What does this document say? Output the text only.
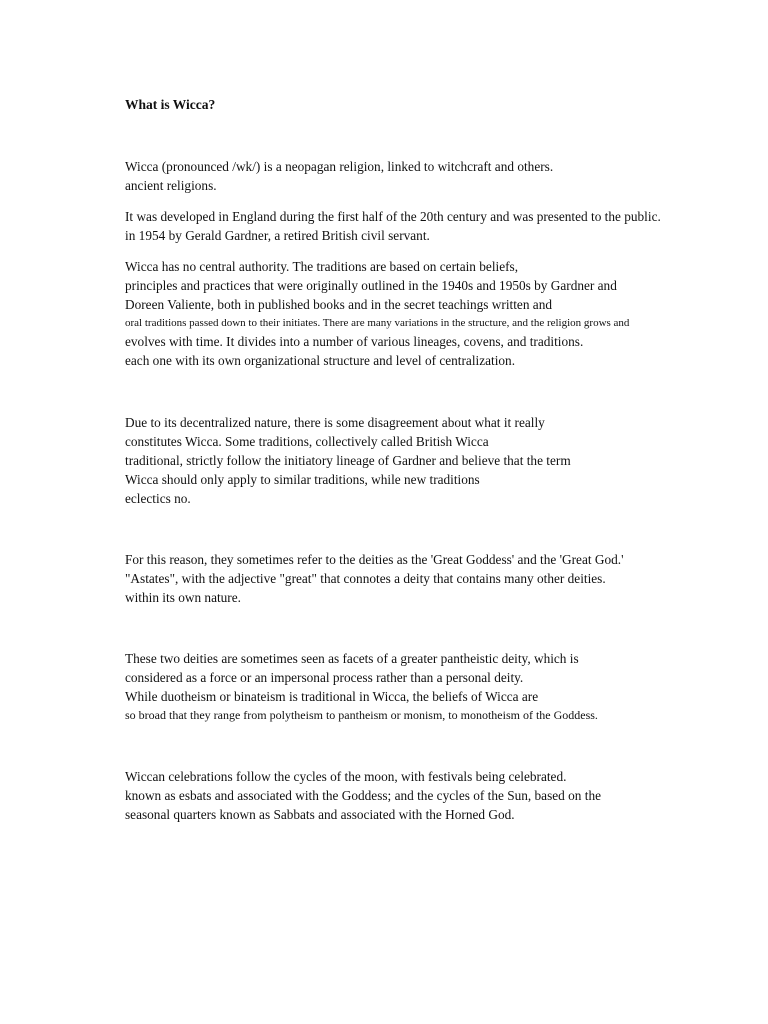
What is Wicca?
Wicca (pronounced /wk/) is a neopagan religion, linked to witchcraft and others.
ancient religions.
It was developed in England during the first half of the 20th century and was presented to the public.
in 1954 by Gerald Gardner, a retired British civil servant.
Wicca has no central authority. The traditions are based on certain beliefs,
principles and practices that were originally outlined in the 1940s and 1950s by Gardner and
Doreen Valiente, both in published books and in the secret teachings written and
oral traditions passed down to their initiates. There are many variations in the structure, and the religion grows and
evolves with time. It divides into a number of various lineages, covens, and traditions.
each one with its own organizational structure and level of centralization.
Due to its decentralized nature, there is some disagreement about what it really
constitutes Wicca. Some traditions, collectively called British Wicca
traditional, strictly follow the initiatory lineage of Gardner and believe that the term
Wicca should only apply to similar traditions, while new traditions
eclectics no.
For this reason, they sometimes refer to the deities as the 'Great Goddess' and the 'Great God.'
"Astates", with the adjective "great" that connotes a deity that contains many other deities.
within its own nature.
These two deities are sometimes seen as facets of a greater pantheistic deity, which is
considered as a force or an impersonal process rather than a personal deity.
While duotheism or binateism is traditional in Wicca, the beliefs of Wicca are
so broad that they range from polytheism to pantheism or monism, to monotheism of the Goddess.
Wiccan celebrations follow the cycles of the moon, with festivals being celebrated.
known as esbats and associated with the Goddess; and the cycles of the Sun, based on the
seasonal quarters known as Sabbats and associated with the Horned God.
